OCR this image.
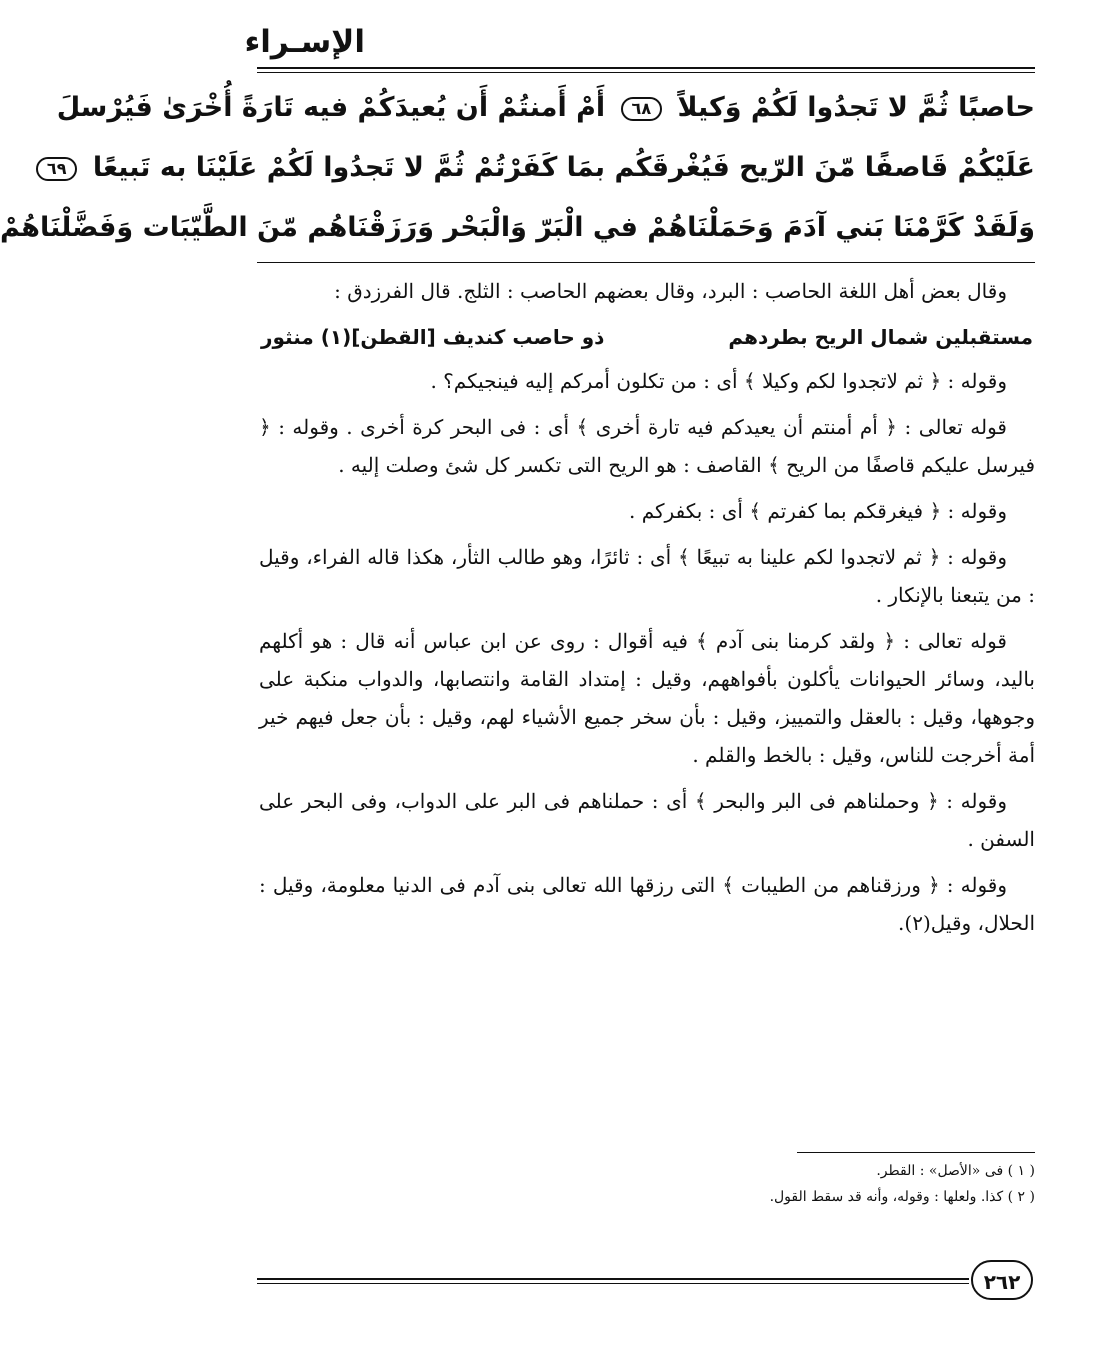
الإسـراء
حاصبًا ثُمَّ لا تَجدُوا لَكُمْ وَكيلاً ٦٨ أَمْ أَمنتُمْ أَن يُعيدَكُمْ فيه تَارَةً أُخْرَىٰ فَيُرْسلَ
عَلَيْكُمْ قَاصفًا مّنَ الرّيح فَيُغْرقَكُم بمَا كَفَرْتُمْ ثُمَّ لا تَجدُوا لَكُمْ عَلَيْنَا به تَبيعًا ٦٩
وَلَقَدْ كَرَّمْنَا بَني آدَمَ وَحَمَلْنَاهُمْ في الْبَرّ وَالْبَحْر وَرَزَقْنَاهُم مّنَ الطَّيّبَات وَفَضَّلْنَاهُمْ

وقال بعض أهل اللغة الحاصب : البرد، وقال بعضهم الحاصب : الثلج. قال الفرزدق :

مستقبلين شمال الريح بطردهم
ذو حاصب كنديف [القطن](١) منثور

وقوله : ﴿ ثم لاتجدوا لكم وكيلا ﴾ أى : من تكلون أمركم إليه فينجيكم؟ .

قوله تعالى : ﴿ أم أمنتم أن يعيدكم فيه تارة أخرى ﴾ أى : فى البحر كرة أخرى . وقوله : ﴿ فيرسل عليكم قاصفًا من الريح ﴾ القاصف : هو الريح التى تكسر كل شئ وصلت إليه .

وقوله : ﴿ فيغرقكم بما كفرتم ﴾ أى : بكفركم .

وقوله : ﴿ ثم لاتجدوا لكم علينا به تبيعًا ﴾ أى : ثائرًا، وهو طالب الثأر، هكذا قاله الفراء، وقيل : من يتبعنا بالإنكار .

قوله تعالى : ﴿ ولقد كرمنا بنى آدم ﴾ فيه أقوال : روى عن ابن عباس أنه قال : هو أكلهم باليد، وسائر الحيوانات يأكلون بأفواههم، وقيل : إمتداد القامة وانتصابها، والدواب منكبة على وجوهها، وقيل : بالعقل والتمييز، وقيل : بأن سخر جميع الأشياء لهم، وقيل : بأن جعل فيهم خير أمة أخرجت للناس، وقيل : بالخط والقلم .

وقوله : ﴿ وحملناهم فى البر والبحر ﴾ أى : حملناهم فى البر على الدواب، وفى البحر على السفن .

وقوله : ﴿ ورزقناهم من الطيبات ﴾ التى رزقها الله تعالى بنى آدم فى الدنيا معلومة، وقيل : الحلال، وقيل(٢).

( ١ ) فى «الأصل» : القطر.

( ٢ ) كذا. ولعلها : وقوله، وأنه قد سقط القول.

٢٦٢
